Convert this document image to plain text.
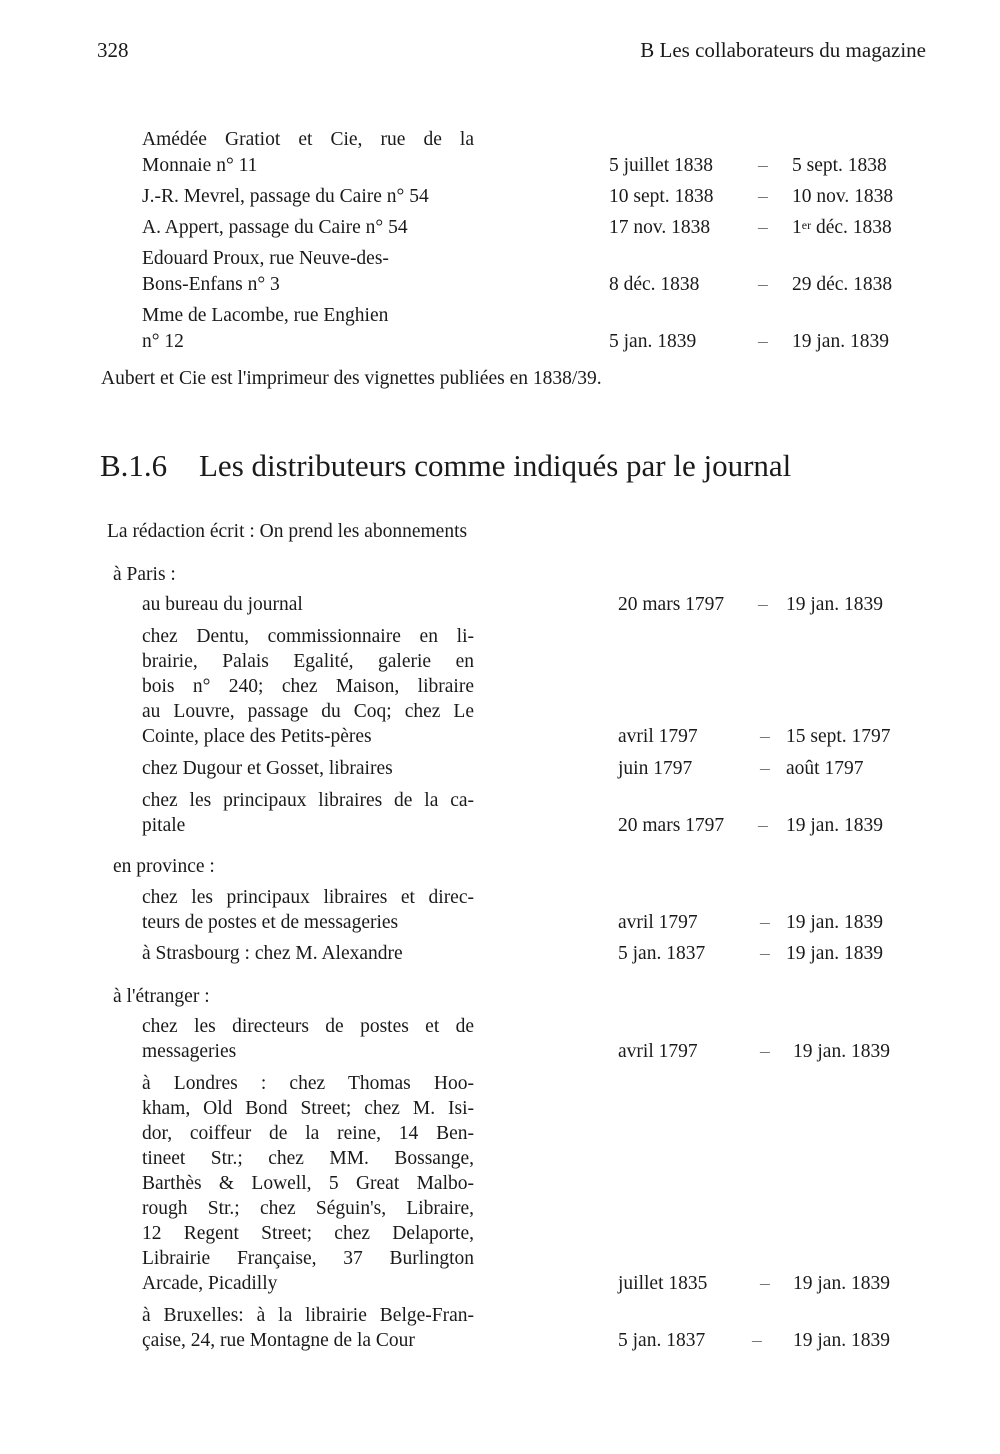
328	B Les collaborateurs du magazine
Amédée Gratiot et Cie, rue de la
Monnaie n° 11	5 juillet 1838 – 5 sept. 1838
J.-R. Mevrel, passage du Caire n° 54	10 sept. 1838 – 10 nov. 1838
A. Appert, passage du Caire n° 54	17 nov. 1838 – 1er déc. 1838
Edouard Proux, rue Neuve-des-
Bons-Enfans n° 3	8 déc. 1838	– 29 déc. 1838
Mme de Lacombe, rue Enghien
n° 12	5 jan. 1839	– 19 jan. 1839
Aubert et Cie est l'imprimeur des vignettes publiées en 1838/39.
B.1.6 Les distributeurs comme indiqués par le journal
La rédaction écrit : On prend les abonnements
à Paris :
au bureau du journal	20 mars 1797 – 19 jan. 1839
chez Dentu, commissionnaire en li-
brairie, Palais Egalité, galerie en
bois n° 240; chez Maison, libraire
au Louvre, passage du Coq; chez Le
Cointe, place des Petits-pères	avril 1797	– 15 sept. 1797
chez Dugour et Gosset, libraires	juin 1797	– août 1797
chez les principaux libraires de la ca-
pitale	20 mars 1797 – 19 jan. 1839
en province :
chez les principaux libraires et direc-
teurs de postes et de messageries	avril 1797	– 19 jan. 1839
à Strasbourg : chez M. Alexandre	5 jan. 1837	– 19 jan. 1839
à l'étranger :
chez les directeurs de postes et de
messageries	avril 1797	– 19 jan. 1839
à Londres : chez Thomas Hoo-
kham, Old Bond Street; chez M. Isi-
dor, coiffeur de la reine, 14 Ben-
tineet Str.; chez MM. Bossange,
Barthès & Lowell, 5 Great Malbo-
rough Str.; chez Séguin's, Libraire,
12 Regent Street; chez Delaporte,
Librairie Française, 37 Burlington
Arcade, Picadilly	juillet 1835	– 19 jan. 1839
à Bruxelles: à la librairie Belge-Fran-
çaise, 24, rue Montagne de la Cour	5 jan. 1837 – 19 jan. 1839
